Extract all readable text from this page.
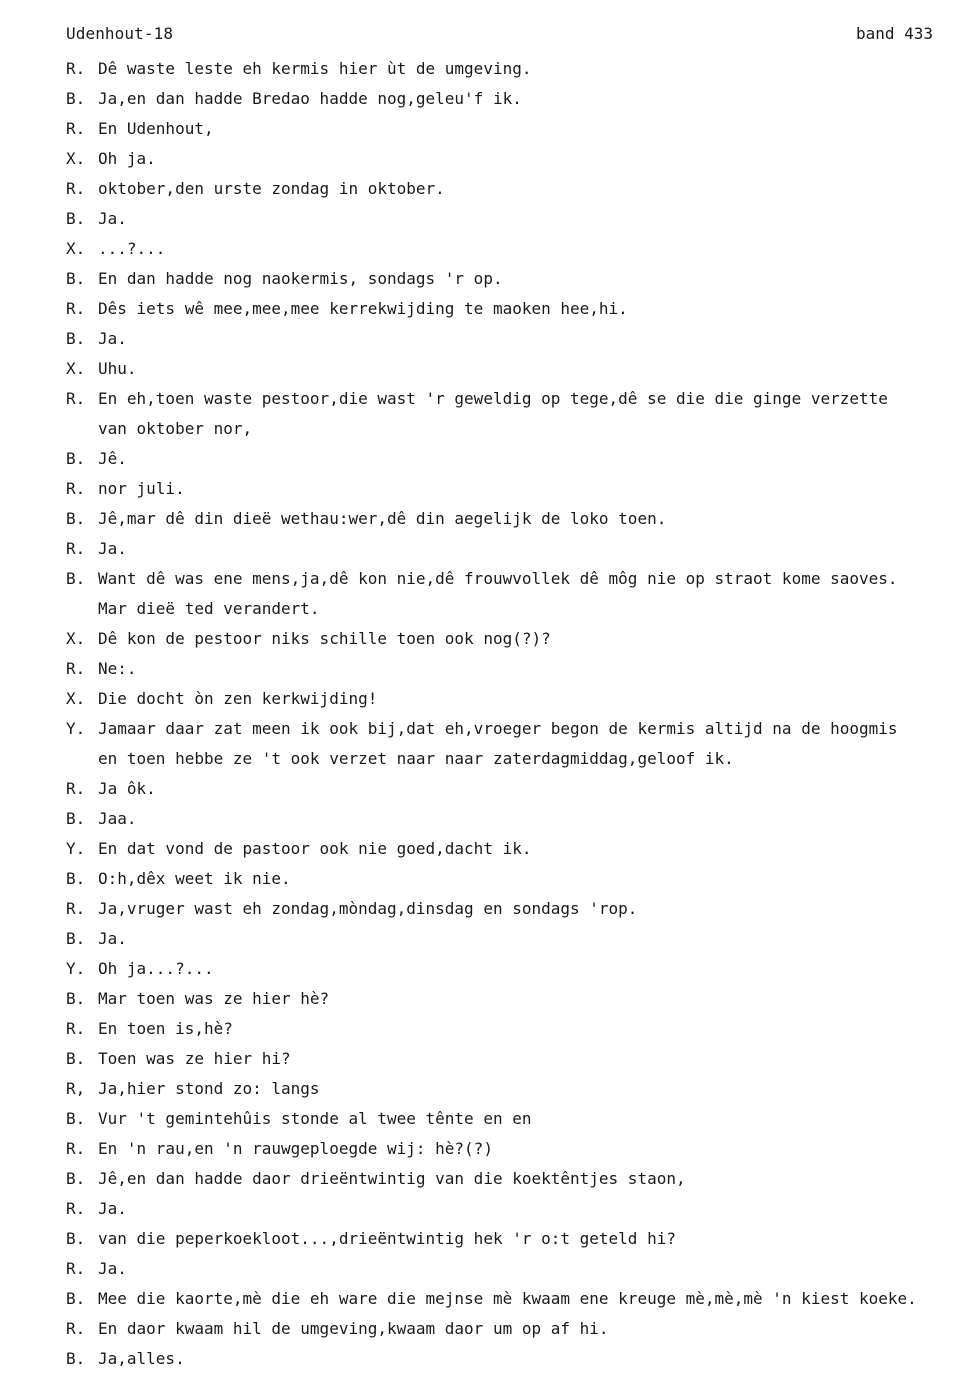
Udenhout-18	band 433
R. Dê waste leste eh kermis hier ùt de umgeving.
B. Ja,en dan hadde Bredao hadde nog,geleu'f ik.
R. En Udenhout,
X. Oh ja.
R. oktober,den urste zondag in oktober.
B. Ja.
X. ...?...
B. En dan hadde nog naokermis, sondags 'r op.
R. Dês iets wê mee,mee,mee kerrekwijding te maoken hee,hi.
B. Ja.
X. Uhu.
R. En eh,toen waste pestoor,die wast 'r geweldig op tege,dê se die die ginge verzette
van oktober nor,
B. Jê.
R. nor juli.
B. Jê,mar dê din dieë wethau:wer,dê din aegelijk de loko toen.
R. Ja.
B. Want dê was ene mens,ja,dê kon nie,dê frouwvollek dê môg nie op straot kome saoves.
Mar dieë ted verandert.
X. Dê kon de pestoor niks schille toen ook nog(?)?
R. Ne:.
X. Die docht òn zen kerkwijding!
Y. Jamaar daar zat meen ik ook bij,dat eh,vroeger begon de kermis altijd na de hoogmis
en toen hebbe ze 't ook verzet naar naar zaterdagmiddag,geloof ik.
R. Ja ôk.
B. Jaa.
Y. En dat vond de pastoor ook nie goed,dacht ik.
B. O:h,dêx weet ik nie.
R. Ja,vruger wast eh zondag,mòndag,dinsdag en sondags 'rop.
B. Ja.
Y. Oh ja...?...
B. Mar toen was ze hier hè?
R. En toen is,hè?
B. Toen was ze hier hi?
R, Ja,hier stond zo: langs
B. Vur 't gemintehûis stonde al twee tênte en en
R. En 'n rau,en 'n rauwgeploegde wij: hè?(?)
B. Jê,en dan hadde daor drieëntwintig van die koektêntjes staon,
R. Ja.
B. van die peperkoekloot...,drieëntwintig hek 'r o:t geteld hi?
R. Ja.
B. Mee die kaorte,mè die eh ware die mejnse mè kwaam ene kreuge mè,mè,mè 'n kiest koeke.
R. En daor kwaam hil de umgeving,kwaam daor um op af hi.
B. Ja,alles.
